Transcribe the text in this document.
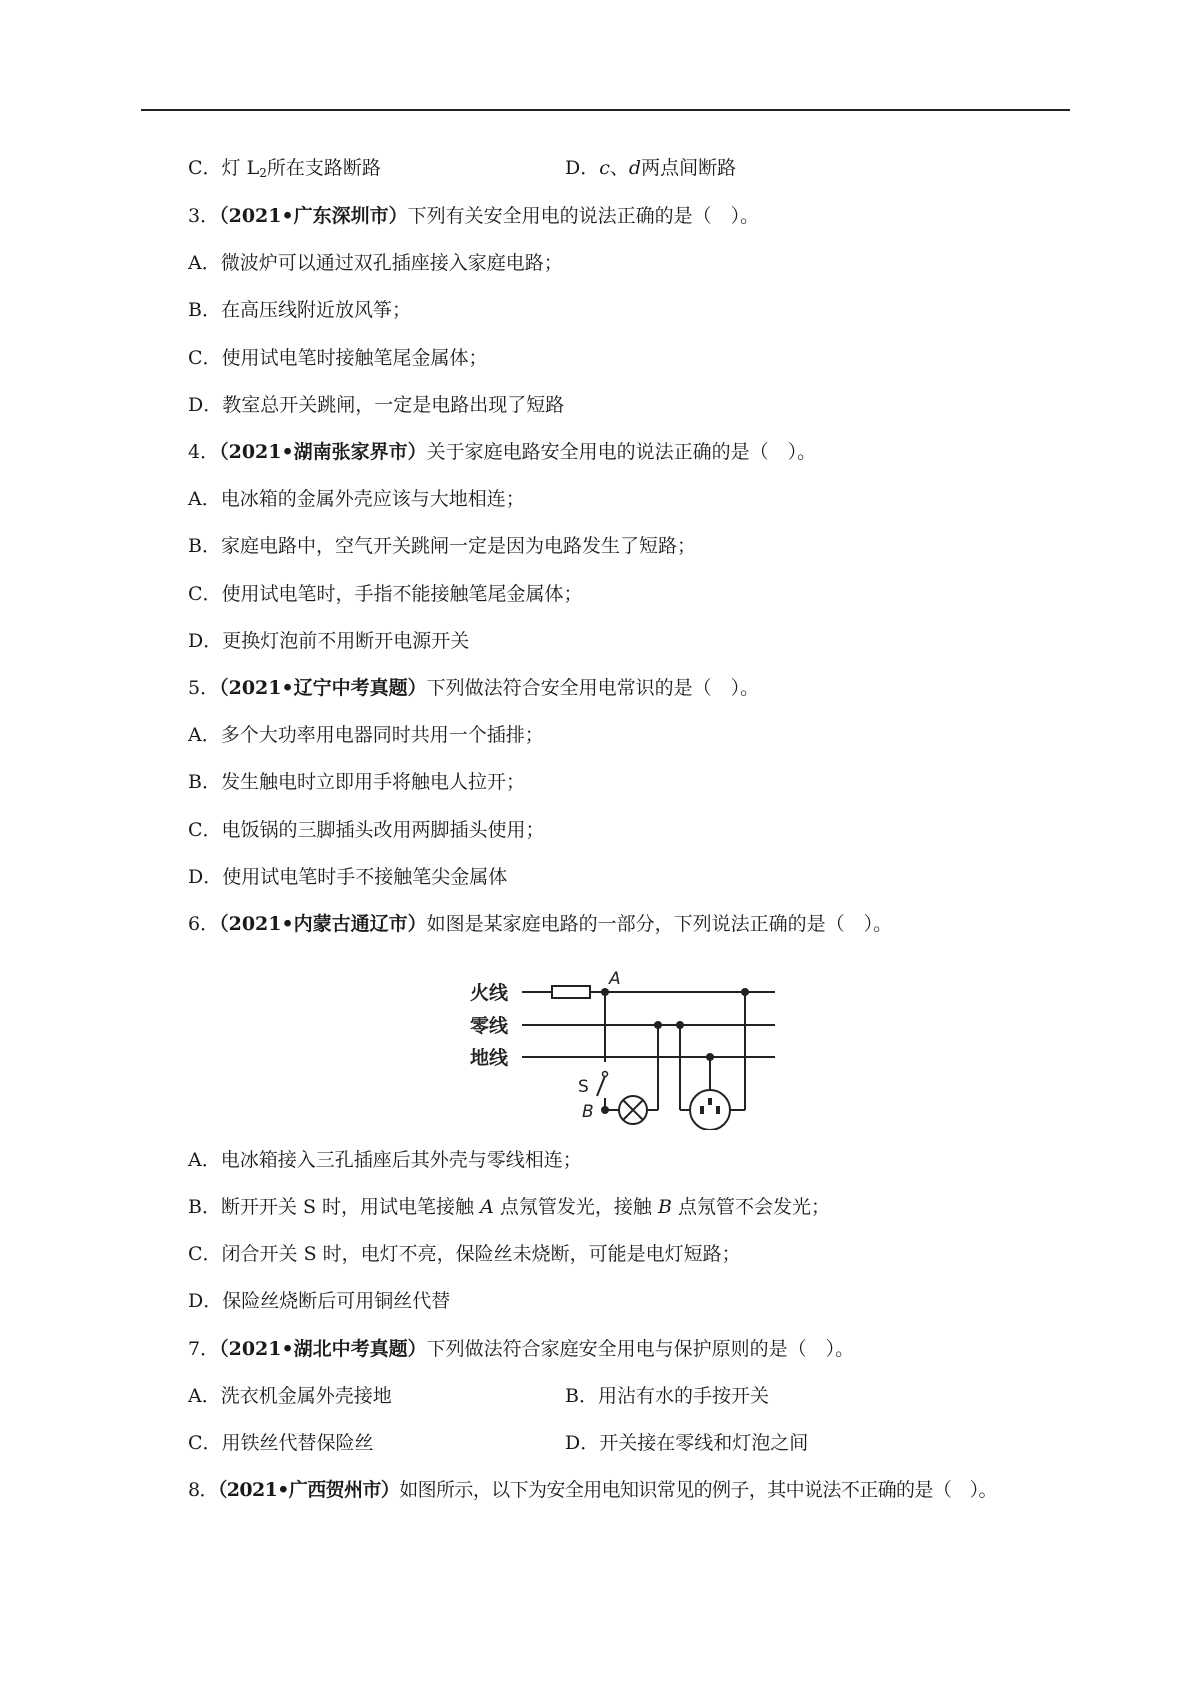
C．灯 $L_2$所在支路断路	D．c、d两点间断路
3．（2021•广东深圳市）下列有关安全用电的说法正确的是（　）。
A．微波炉可以通过双孔插座接入家庭电路；
B．在高压线附近放风筝；
C．使用试电笔时接触笔尾金属体；
D．教室总开关跳闸，一定是电路出现了短路
4．（2021•湖南张家界市）关于家庭电路安全用电的说法正确的是（　）。
A．电冰箱的金属外壳应该与大地相连；
B．家庭电路中，空气开关跳闸一定是因为电路发生了短路；
C．使用试电笔时，手指不能接触笔尾金属体；
D．更换灯泡前不用断开电源开关
5．（2021•辽宁中考真题）下列做法符合安全用电常识的是（　）。
A．多个大功率用电器同时共用一个插排；
B．发生触电时立即用手将触电人拉开；
C．电饭锅的三脚插头改用两脚插头使用；
D．使用试电笔时手不接触笔尖金属体
6．（2021•内蒙古通辽市）如图是某家庭电路的一部分，下列说法正确的是（　）。
火线
零线
地线
A
S
B
A．电冰箱接入三孔插座后其外壳与零线相连；
B．断开开关 S 时，用试电笔接触 A 点氖管发光，接触 B 点氖管不会发光；
C．闭合开关 S 时，电灯不亮，保险丝未烧断，可能是电灯短路；
D．保险丝烧断后可用铜丝代替
7．（2021•湖北中考真题）下列做法符合家庭安全用电与保护原则的是（　）。
A．洗衣机金属外壳接地	B．用沾有水的手按开关
C．用铁丝代替保险丝	D．开关接在零线和灯泡之间
8．（2021•广西贺州市）如图所示，以下为安全用电知识常见的例子，其中说法不正确的是（　）。
